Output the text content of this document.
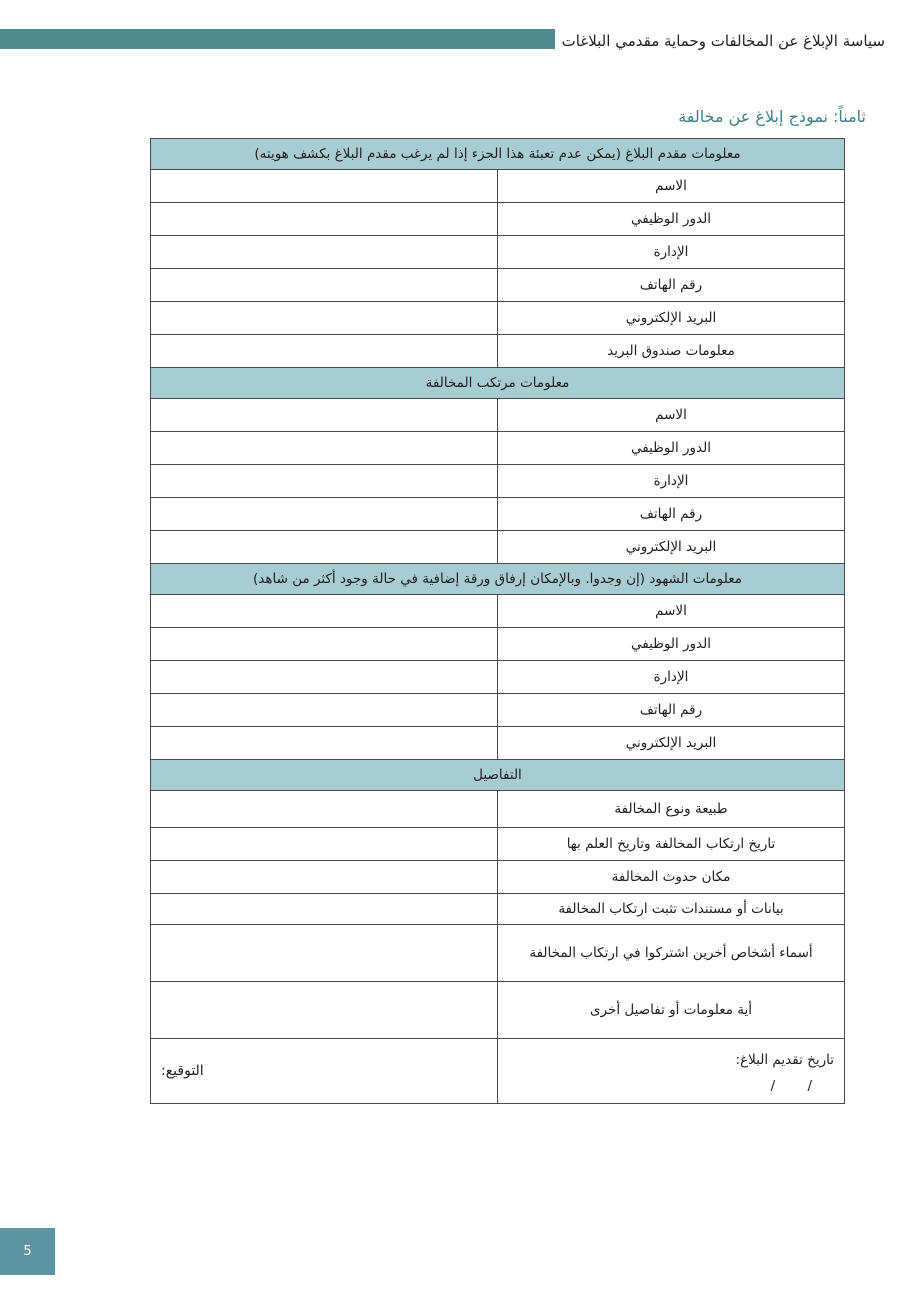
سياسة الإبلاغ عن المخالفات وحماية مقدمي البلاغات
ثامناً: نموذج إبلاغ عن مخالفة
معلومات مقدم البلاغ (يمكن عدم تعبئة هذا الجزء إذا لم يرغب مقدم البلاغ بكشف هويته)	
الاسم	
الدور الوظيفي	
الإدارة	
رقم الهاتف	
البريد الإلكتروني	
معلومات صندوق البريد	
معلومات مرتكب المخالفة	
الاسم	
الدور الوظيفي	
الإدارة	
رقم الهاتف	
البريد الإلكتروني	
معلومات الشهود (إن وجدوا. وبالإمكان إرفاق ورقة إضافية في حالة وجود أكثر من شاهد)	
الاسم	
الدور الوظيفي	
الإدارة	
رقم الهاتف	
البريد الإلكتروني	
التفاصيل	
طبيعة ونوع المخالفة	
تاريخ ارتكاب المخالفة وتاريخ العلم بها	
مكان حدوث المخالفة	
بيانات أو مستندات تثبت ارتكاب المخالفة	
أسماء أشخاص أخرين اشتركوا في ارتكاب المخالفة	
أية معلومات أو تفاصيل أخرى	

تاريخ تقديم البلاغ:
/ /	التوقيع:
5
